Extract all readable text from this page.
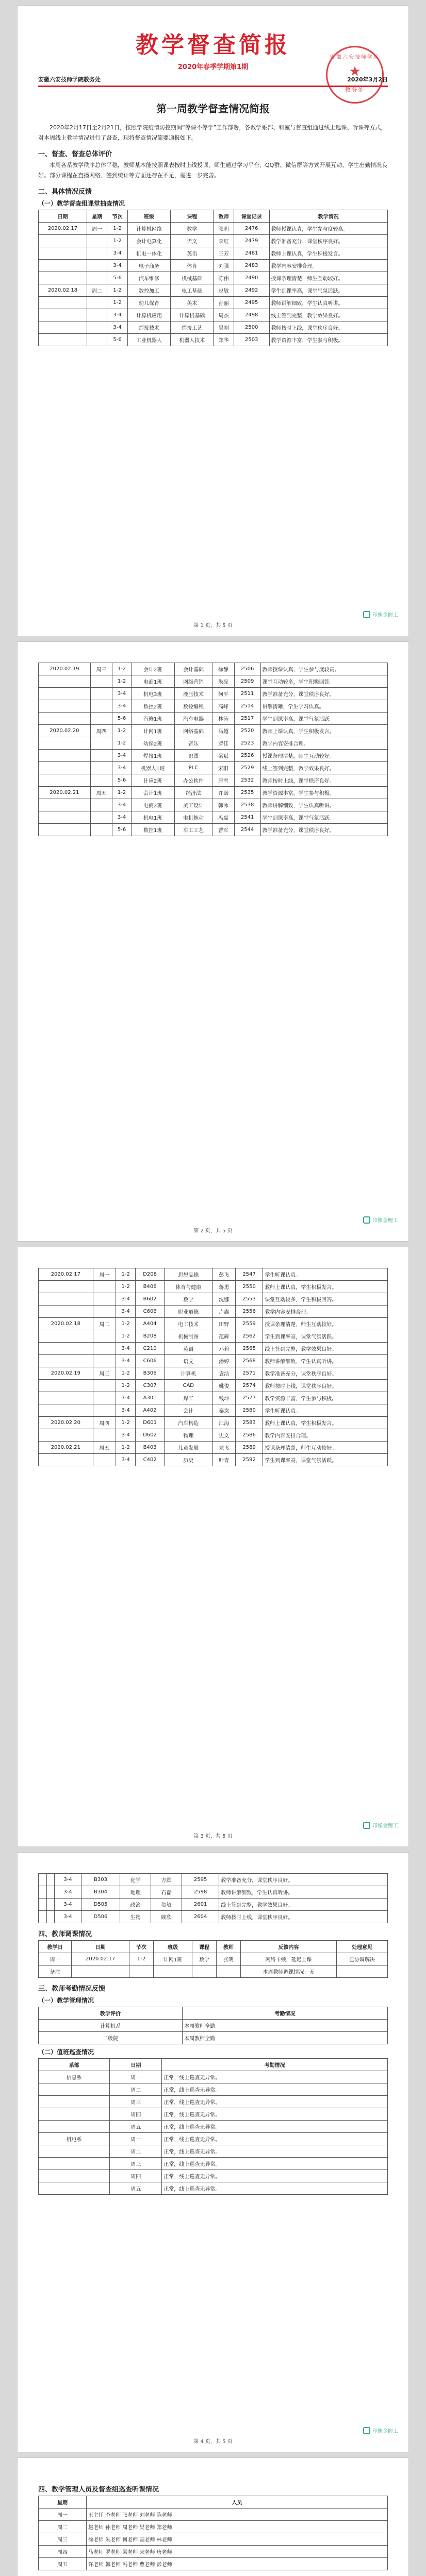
教学督查简报
2020年春季学期第1期
安徽六安技师学院教务处	2020年3月2日
安徽六安技师学院
★
教务处
第一周教学督查情况简报

2020年2月17日至2月21日，按照学院疫情防控期间“停课不停学”工作部署，各教学系部、科室与督查组通过线上巡课、听课等方式，对本周线上教学情况进行了督查，现将督查情况简要通报如下。

一、督查、督查总体评价

本周各系教学秩序总体平稳，教师基本能按照课表按时上线授课，师生通过学习平台、QQ群、微信群等方式开展互动，学生出勤情况良好。部分课程在直播网络、签到统计等方面还存在不足，需进一步完善。

二、具体情况反馈
（一）教学督查组课堂抽查情况
日期	星期	节次	班级	课程	教师	课堂记录	教学情况
2020.02.17	周一	1-2	计算机网络	数学	张明	2476	教师授课认真，学生参与度较高。
		1-2	会计电算化	语文	李红	2479	教学准备充分，课堂秩序良好。
		3-4	机电一体化	英语	王芳	2481	教师上课认真，学生积极发言。
		3-4	电子商务	体育	刘强	2483	教学内容安排合理。
		5-6	汽车维修	机械基础	陈伟	2490	授课条理清楚，师生互动较好。
2020.02.18	周二	1-2	数控加工	电工基础	赵敏	2492	学生到课率高，课堂气氛活跃。
		1-2	幼儿保育	美术	孙丽	2495	教师讲解细致，学生认真听讲。
		3-4	计算机应用	计算机基础	周杰	2498	线上签到完整，教学效果良好。
		3-4	焊接技术	焊接工艺	吴刚	2500	教师按时上线，课堂秩序良好。
		5-6	工业机器人	机器人技术	郑华	2503	教学资源丰富，学生参与积极。
印像金鲤工
第 1 页，共 5 页
2020.02.19	周三	1-2	会计2班	会计基础	徐静	2506	教师授课认真，学生参与度较高。
		1-2	电商1班	网络营销	朱亮	2509	课堂互动较多，学生积极回答。
		3-4	机电3班	液压技术	何平	2511	教学准备充分，课堂秩序良好。
		3-4	数控2班	数控编程	高峰	2514	讲解清晰，学生学习认真。
		5-6	汽修1班	汽车电器	林涛	2517	学生到课率高，课堂气氛活跃。
2020.02.20	周四	1-2	计网1班	网络基础	马超	2520	教师上课认真，学生积极发言。
		1-2	幼保2班	音乐	罗佳	2523	教学内容安排合理。
		3-4	焊接1班	识图	梁斌	2526	授课条理清楚，师生互动较好。
		3-4	机器人1班	PLC	宋阳	2529	线上签到完整，教学效果良好。
		5-6	计应2班	办公软件	唐雪	2532	教师按时上线，课堂秩序良好。
2020.02.21	周五	1-2	会计1班	经济法	许诺	2535	教学资源丰富，学生参与积极。
		3-4	电商2班	美工设计	韩冰	2538	教师讲解细致，学生认真听讲。
		3-4	机电1班	电机拖动	冯磊	2541	学生到课率高，课堂气氛活跃。
		5-6	数控1班	车工工艺	曹军	2544	教学准备充分，课堂秩序良好。
印像金鲤工
第 2 页，共 5 页
2020.02.17	周一	1-2	D208	思想品德	彭飞	2547	学生听课认真。
		1-2	B406	体育与健康	蒋勇	2550	教师上课认真，学生积极发言。
		3-4	B602	数学	沈娜	2553	课堂互动较多，学生积极回答。
		3-4	C606	职业道德	卢鑫	2556	教学内容安排合理。
2020.02.18	周二	1-2	A404	电工技术	田野	2559	授课条理清楚，师生互动较好。
		1-2	B208	机械制图	范辉	2562	学生到课率高，课堂气氛活跃。
		3-4	C210	英语	邓莉	2565	线上签到完整，教学效果良好。
		3-4	C606	语文	潘婷	2568	教师讲解细致，学生认真听讲。
2020.02.19	周三	1-2	B306	计算机	袁浩	2571	教学准备充分，课堂秩序良好。
		1-2	C307	CAD	姚俊	2574	教师按时上线，课堂秩序良好。
		3-4	A301	焊工	钱坤	2577	教学资源丰富，学生参与积极。
		3-4	A402	会计	秦岚	2580	学生听课认真。
2020.02.20	周四	1-2	D601	汽车构造	江海	2583	教师上课认真，学生积极发言。
		3-4	D602	物理	史文	2586	教学内容安排合理。
2020.02.21	周五	1-2	B403	儿童发展	龙飞	2589	授课条理清楚，师生互动较好。
		3-4	C402	历史	叶青	2592	学生到课率高，课堂气氛活跃。
印像金鲤工
第 3 页，共 5 页
		3-4	B303	化学	方圆	2595	教学准备充分，课堂秩序良好。
		3-4	B304	地理	石磊	2598	教师讲解细致，学生认真听讲。
		3-4	D505	政治	贺敏	2601	线上签到完整，教学效果良好。
		3-4	D506	生物	顾欣	2604	教师按时上线，课堂秩序良好。
四、教师调课情况
教学日	日期	节次	班级	课程	教师	反馈内容	处理意见
周一	2020.02.17	1-2	计网1班	数学	张明	网络卡顿，延迟上课	已协调解决
备注						本周教师调课情况：无	
三、教师考勤情况反馈
（一）教学管理情况
教学评价	考勤情况
计算机系	本周教师全勤
二级院	本周教师全勤
（二）值班巡查情况
系部	日期	考勤情况
信息系	周一	正常，线上巡查无异常。
	周二	正常，线上巡查无异常。
	周三	正常，线上巡查无异常。
	周四	正常，线上巡查无异常。
	周五	正常，线上巡查无异常。
机电系	周一	正常，线上巡查无异常。
	周二	正常，线上巡查无异常。
	周三	正常，线上巡查无异常。
	周四	正常，线上巡查无异常。
	周五	正常，线上巡查无异常。
印像金鲤工
第 4 页，共 5 页
四、教学管理人员及督查组巡查听课情况
星期	人员
周一	王主任 李老师 张老师 刘老师 陈老师
周二	赵老师 孙老师 周老师 吴老师 郑老师
周三	徐老师 朱老师 何老师 高老师 林老师
周四	马老师 罗老师 梁老师 宋老师 唐老师
周五	许老师 韩老师 冯老师 曹老师 彭老师
